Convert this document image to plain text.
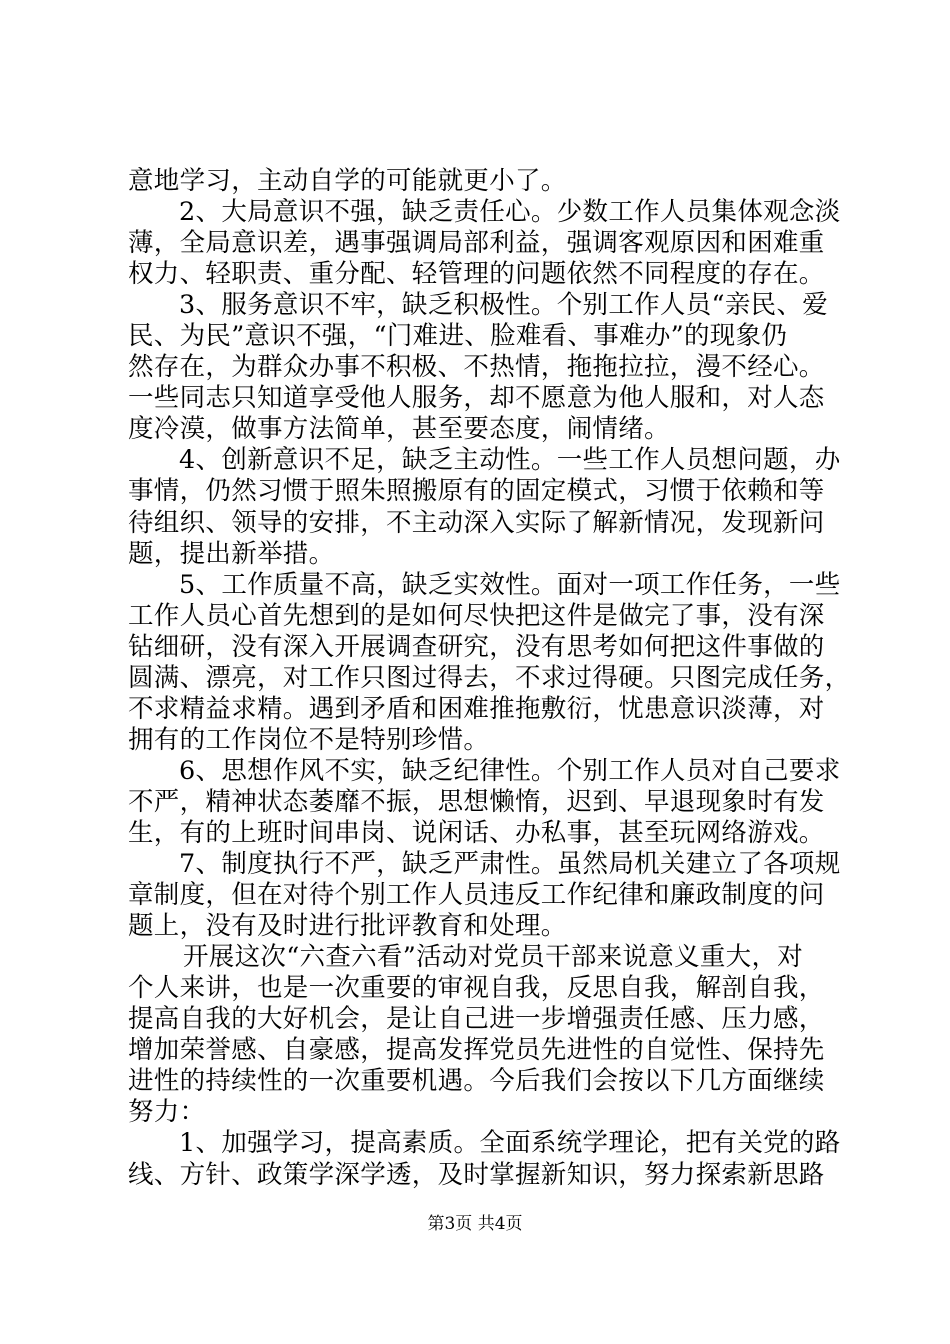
意地学习，主动自学的可能就更小了。
2、大局意识不强，缺乏责任心。少数工作人员集体观念淡
薄，全局意识差，遇事强调局部利益，强调客观原因和困难重
权力、轻职责、重分配、轻管理的问题依然不同程度的存在。
3、服务意识不牢，缺乏积极性。个别工作人员“亲民、爱
民、为民”意识不强，“门难进、脸难看、事难办”的现象仍
然存在，为群众办事不积极、不热情，拖拖拉拉，漫不经心。
一些同志只知道享受他人服务，却不愿意为他人服和，对人态
度冷漠，做事方法简单，甚至要态度，闹情绪。
4、创新意识不足，缺乏主动性。一些工作人员想问题，办
事情，仍然习惯于照朱照搬原有的固定模式，习惯于依赖和等
待组织、领导的安排，不主动深入实际了解新情况，发现新问
题，提出新举措。
5、工作质量不高，缺乏实效性。面对一项工作任务，一些
工作人员心首先想到的是如何尽快把这件是做完了事，没有深
钻细研，没有深入开展调查研究，没有思考如何把这件事做的
圆满、漂亮，对工作只图过得去，不求过得硬。只图完成任务，
不求精益求精。遇到矛盾和困难推拖敷衍，忧患意识淡薄，对
拥有的工作岗位不是特别珍惜。
6、思想作风不实，缺乏纪律性。个别工作人员对自己要求
不严，精神状态萎靡不振，思想懒惰，迟到、早退现象时有发
生，有的上班时间串岗、说闲话、办私事，甚至玩网络游戏。
7、制度执行不严，缺乏严肃性。虽然局机关建立了各项规
章制度，但在对待个别工作人员违反工作纪律和廉政制度的问
题上，没有及时进行批评教育和处理。
开展这次“六查六看”活动对党员干部来说意义重大，对
个人来讲，也是一次重要的审视自我，反思自我，解剖自我，
提高自我的大好机会，是让自己进一步增强责任感、压力感，
增加荣誉感、自豪感，提高发挥党员先进性的自觉性、保持先
进性的持续性的一次重要机遇。今后我们会按以下几方面继续
努力：
1、加强学习，提高素质。全面系统学理论，把有关党的路
线、方针、政策学深学透，及时掌握新知识，努力探索新思路
第3页 共4页
